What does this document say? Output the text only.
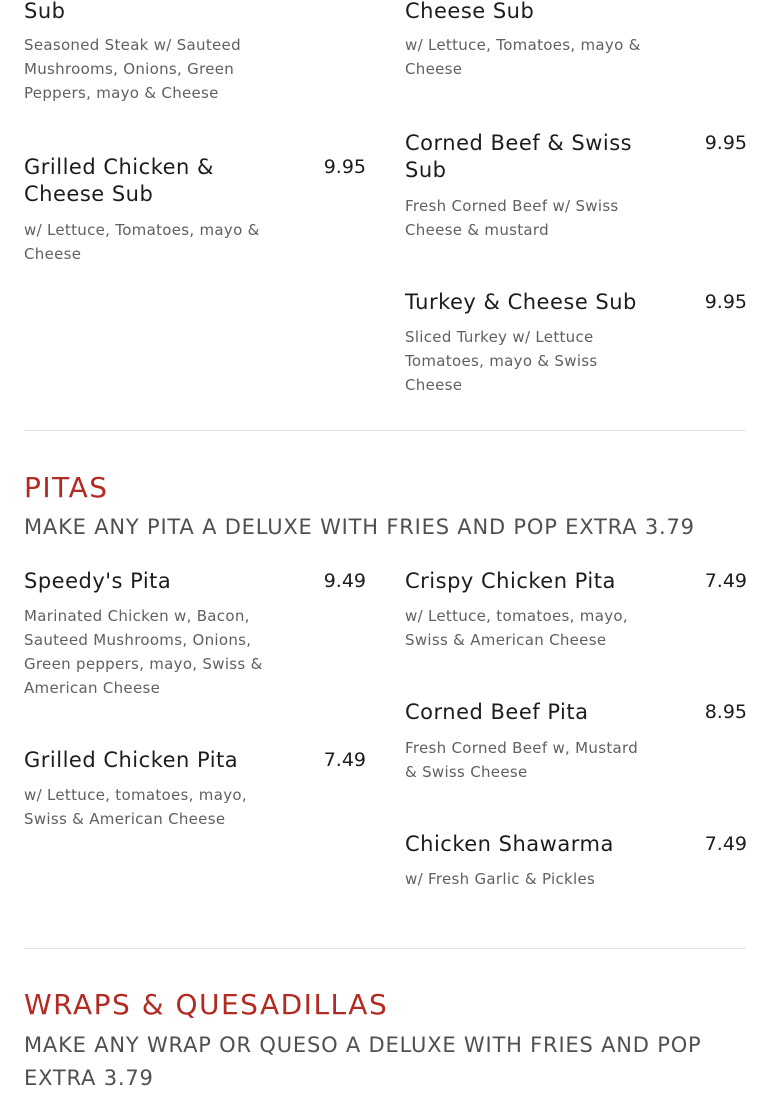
Sub
Seasoned Steak w/ Sauteed Mushrooms, Onions, Green Peppers, mayo & Cheese
Cheese Sub
w/ Lettuce, Tomatoes, mayo & Cheese
Grilled Chicken & Cheese Sub
9.95
w/ Lettuce, Tomatoes, mayo & Cheese
Corned Beef & Swiss Sub
9.95
Fresh Corned Beef w/ Swiss Cheese & mustard
Turkey & Cheese Sub	9.95
Sliced Turkey w/ Lettuce Tomatoes, mayo & Swiss Cheese
PITAS
MAKE ANY PITA A DELUXE WITH FRIES AND POP EXTRA 3.79
Speedy's Pita	9.49
Marinated Chicken w, Bacon, Sauteed Mushrooms, Onions, Green peppers, mayo, Swiss & American Cheese
Crispy Chicken Pita	7.49
w/ Lettuce, tomatoes, mayo, Swiss & American Cheese
Grilled Chicken Pita	7.49
w/ Lettuce, tomatoes, mayo, Swiss & American Cheese
Corned Beef Pita	8.95
Fresh Corned Beef w, Mustard & Swiss Cheese
Chicken Shawarma	7.49
w/ Fresh Garlic & Pickles
WRAPS & QUESADILLAS
MAKE ANY WRAP OR QUESO A DELUXE WITH FRIES AND POP EXTRA 3.79
